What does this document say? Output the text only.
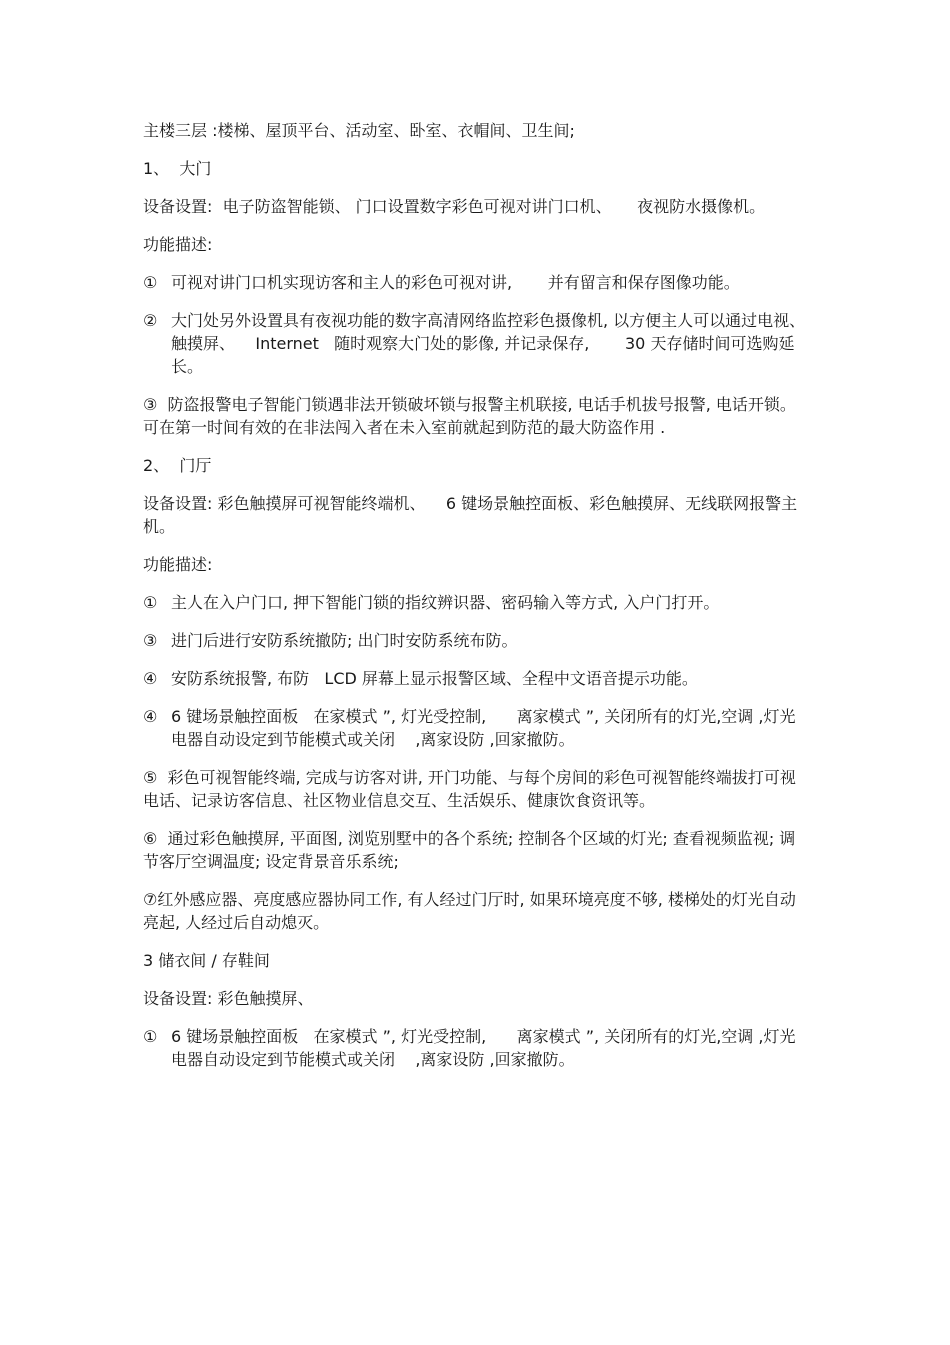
主楼三层 :楼梯、屋顶平台、活动室、卧室、衣帽间、卫生间;

1、  大门

设备设置:  电子防盗智能锁、 门口设置数字彩色可视对讲门口机、     夜视防水摄像机。

功能描述:

① 可视对讲门口机实现访客和主人的彩色可视对讲,       并有留言和保存图像功能。
② 大门处另外设置具有夜视功能的数字高清网络监控彩色摄像机, 以方便主人可以通过电视、触摸屏、    Internet   随时观察大门处的影像, 并记录保存,       30 天存储时间可选购延长。

③  防盗报警电子智能门锁遇非法开锁破坏锁与报警主机联接, 电话手机拔号报警, 电话开锁。可在第一时间有效的在非法闯入者在未入室前就起到防范的最大防盗作用 .

2、  门厅

设备设置: 彩色触摸屏可视智能终端机、    6 键场景触控面板、彩色触摸屏、无线联网报警主机。

功能描述:

① 主人在入户门口, 押下智能门锁的指纹辨识器、密码输入等方式, 入户门打开。
③ 进门后进行安防系统撤防; 出门时安防系统布防。
④ 安防系统报警, 布防   LCD 屏幕上显示报警区域、全程中文语音提示功能。
④ 6 键场景触控面板   在家模式 ”, 灯光受控制,      离家模式 ”, 关闭所有的灯光,空调 ,灯光电器自动设定到节能模式或关闭    ,离家设防 ,回家撤防。

⑤  彩色可视智能终端, 完成与访客对讲, 开门功能、与每个房间的彩色可视智能终端拔打可视电话、记录访客信息、社区物业信息交互、生活娱乐、健康饮食资讯等。

⑥  通过彩色触摸屏, 平面图, 浏览别墅中的各个系统; 控制各个区域的灯光; 查看视频监视; 调节客厅空调温度; 设定背景音乐系统;

⑦红外感应器、亮度感应器协同工作, 有人经过门厅时, 如果环境亮度不够, 楼梯处的灯光自动亮起, 人经过后自动熄灭。

3 储衣间 / 存鞋间

设备设置: 彩色触摸屏、

① 6 键场景触控面板   在家模式 ”, 灯光受控制,      离家模式 ”, 关闭所有的灯光,空调 ,灯光电器自动设定到节能模式或关闭    ,离家设防 ,回家撤防。
